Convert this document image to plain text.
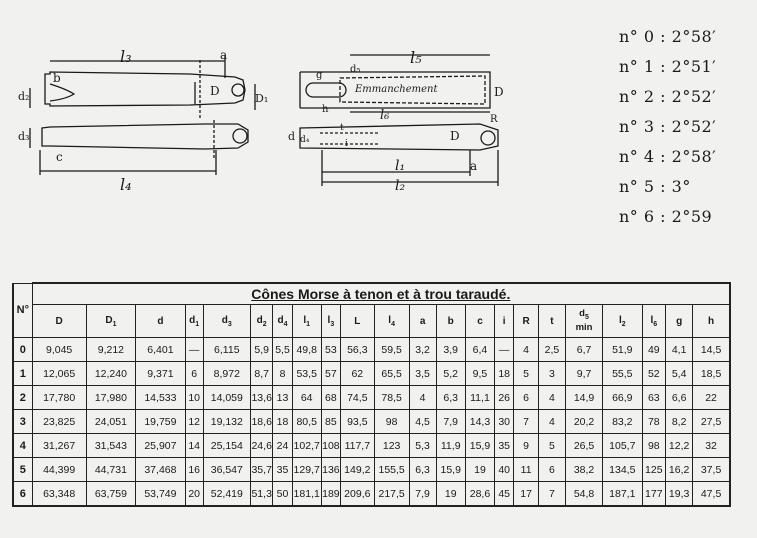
l₃
l₄
a
b
c
d₂
d₃
D
D₁
l₅
l₆
l₁
l₂
Emmanchement
d₅
g
h
D
d d₄
t
i
D
a
R
n° 0 : 2°58′
n° 1 : 2°51′
n° 2 : 2°52′
n° 3 : 2°52′
n° 4 : 2°58′
n° 5 : 3°
n° 6 : 2°59
N°	Cônes Morse à tenon et à trou taraudé.																					
	D	$D_1$	d	$d_1$	$d_3$	$d_2$	$d_4$	$l_1$	$l_3$	L	$l_4$	a	b	c	i	R	t	$d_5$
min	$l_2$	$l_6$	g	h
0	9,045	9,212	6,401	—	6,115	5,9	5,5	49,8	53	56,3	59,5	3,2	3,9	6,4	—	4	2,5	6,7	51,9	49	4,1	14,5
1	12,065	12,240	9,371	6	8,972	8,7	8	53,5	57	62	65,5	3,5	5,2	9,5	18	5	3	9,7	55,5	52	5,4	18,5
2	17,780	17,980	14,533	10	14,059	13,6	13	64	68	74,5	78,5	4	6,3	11,1	26	6	4	14,9	66,9	63	6,6	22
3	23,825	24,051	19,759	12	19,132	18,6	18	80,5	85	93,5	98	4,5	7,9	14,3	30	7	4	20,2	83,2	78	8,2	27,5
4	31,267	31,543	25,907	14	25,154	24,6	24	102,7	108	117,7	123	5,3	11,9	15,9	35	9	5	26,5	105,7	98	12,2	32
5	44,399	44,731	37,468	16	36,547	35,7	35	129,7	136	149,2	155,5	6,3	15,9	19	40	11	6	38,2	134,5	125	16,2	37,5
6	63,348	63,759	53,749	20	52,419	51,3	50	181,1	189	209,6	217,5	7,9	19	28,6	45	17	7	54,8	187,1	177	19,3	47,5
